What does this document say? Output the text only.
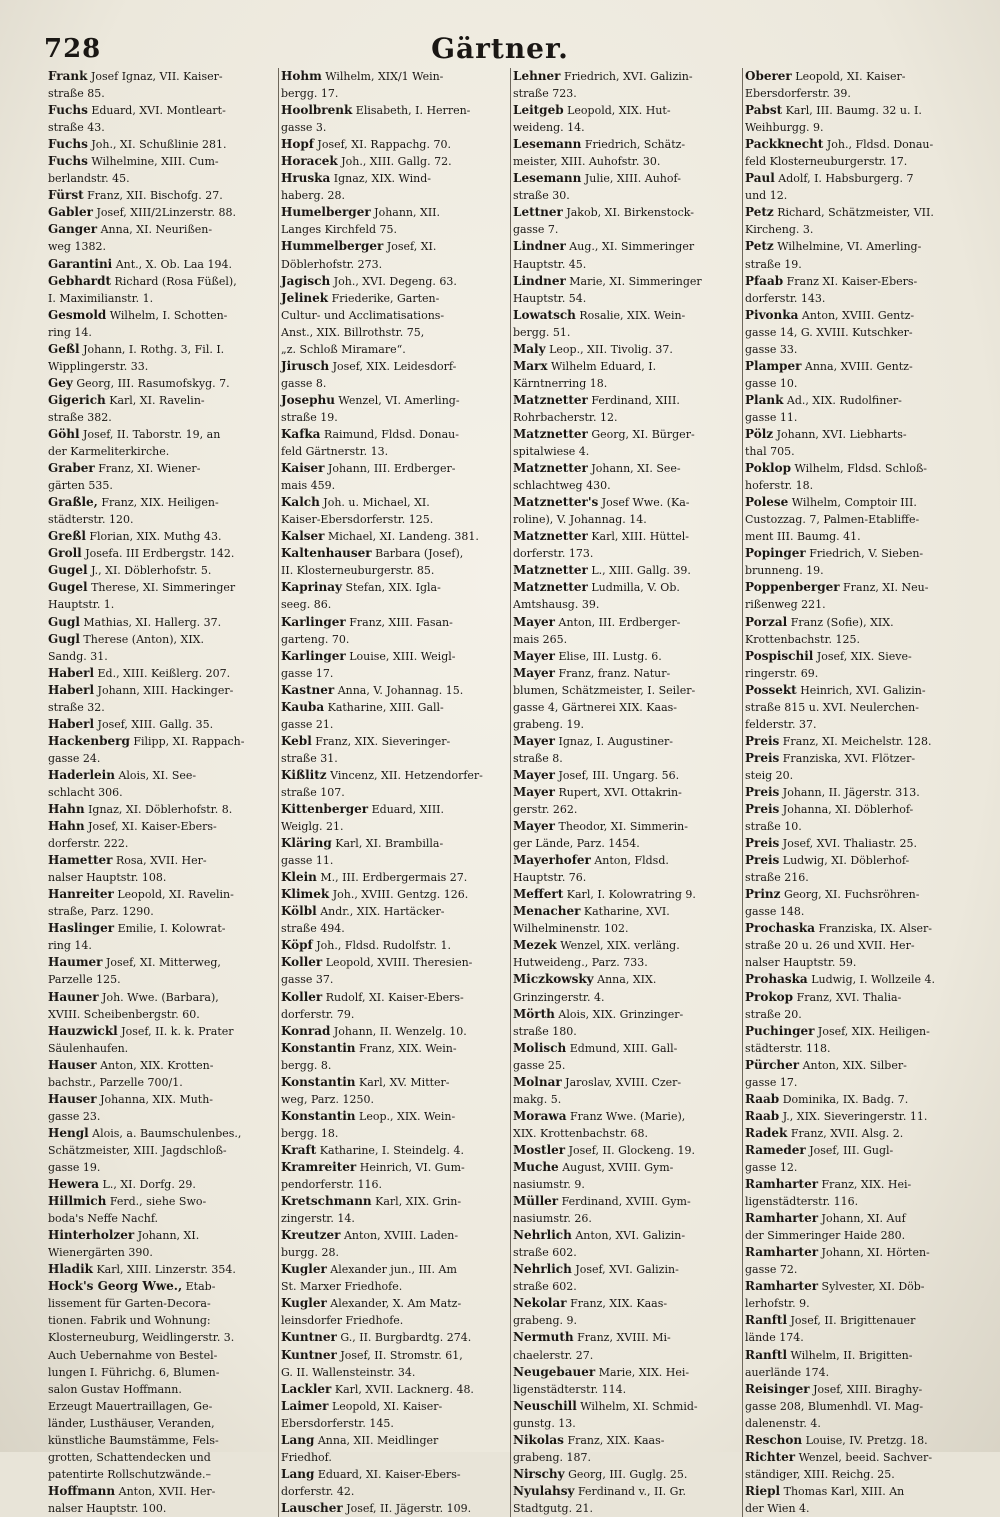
728	Gärtner.
Frank Josef Ignaz, VII. Kaiser-
straße 85.
Fuchs Eduard, XVI. Montleart-
straße 43.
Fuchs Joh., XI. Schußlinie 281.
Fuchs Wilhelmine, XIII. Cum-
berlandstr. 45.
Fürst Franz, XII. Bischofg. 27.
Gabler Josef, XIII/2Linzerstr. 88.
Ganger Anna, XI. Neurißen-
weg 1382.
Garantini Ant., X. Ob. Laa 194.
Gebhardt Richard (Rosa Füßel),
I. Maximilianstr. 1.
Gesmold Wilhelm, I. Schotten-
ring 14.
Geßl Johann, I. Rothg. 3, Fil. I.
Wipplingerstr. 33.
Gey Georg, III. Rasumofskyg. 7.
Gigerich Karl, XI. Ravelin-
straße 382.
Göhl Josef, II. Taborstr. 19, an
der Karmeliterkirche.
Graber Franz, XI. Wiener-
gärten 535.
Graßle, Franz, XIX. Heiligen-
städterstr. 120.
Greßl Florian, XIX. Muthg 43.
Groll Josefa. III Erdbergstr. 142.
Gugel J., XI. Döblerhofstr. 5.
Gugel Therese, XI. Simmeringer
Hauptstr. 1.
Gugl Mathias, XI. Hallerg. 37.
Gugl Therese (Anton), XIX.
Sandg. 31.
Haberl Ed., XIII. Keißlerg. 207.
Haberl Johann, XIII. Hackinger-
straße 32.
Haberl Josef, XIII. Gallg. 35.
Hackenberg Filipp, XI. Rappach-
gasse 24.
Haderlein Alois, XI. See-
schlacht 306.
Hahn Ignaz, XI. Döblerhofstr. 8.
Hahn Josef, XI. Kaiser-Ebers-
dorferstr. 222.
Hametter Rosa, XVII. Her-
nalser Hauptstr. 108.
Hanreiter Leopold, XI. Ravelin-
straße, Parz. 1290.
Haslinger Emilie, I. Kolowrat-
ring 14.
Haumer Josef, XI. Mitterweg,
Parzelle 125.
Hauner Joh. Wwe. (Barbara),
XVIII. Scheibenbergstr. 60.
Hauzwickl Josef, II. k. k. Prater
Säulenhaufen.
Hauser Anton, XIX. Krotten-
bachstr., Parzelle 700/1.
Hauser Johanna, XIX. Muth-
gasse 23.
Hengl Alois, a. Baumschulenbes.,
Schätzmeister, XIII. Jagdschloß-
gasse 19.
Hewera L., XI. Dorfg. 29.
Hillmich Ferd., siehe Swo-
boda's Neffe Nachf.
Hinterholzer Johann, XI.
Wienergärten 390.
Hladik Karl, XIII. Linzerstr. 354.
Hock's Georg Wwe., Etab-
lissement für Garten-Decora-
tionen. Fabrik und Wohnung:
Klosterneuburg, Weidlingerstr. 3.
Auch Uebernahme von Bestel-
lungen I. Führichg. 6, Blumen-
salon Gustav Hoffmann.
Erzeugt Mauertraillagen, Ge-
länder, Lusthäuser, Veranden,
künstliche Baumstämme, Fels-
grotten, Schattendecken und
patentirte Rollschutzwände.–
Hoffmann Anton, XVII. Her-
nalser Hauptstr. 100.
Hohm Wilhelm, XIX/1 Wein-
bergg. 17.
Hoolbrenk Elisabeth, I. Herren-
gasse 3.
Hopf Josef, XI. Rappachg. 70.
Horacek Joh., XIII. Gallg. 72.
Hruska Ignaz, XIX. Wind-
haberg. 28.
Humelberger Johann, XII.
Langes Kirchfeld 75.
Hummelberger Josef, XI.
Döblerhofstr. 273.
Jagisch Joh., XVI. Degeng. 63.
Jelinek Friederike, Garten-
Cultur- und Acclimatisations-
Anst., XIX. Billrothstr. 75,
„z. Schloß Miramare“.
Jirusch Josef, XIX. Leidesdorf-
gasse 8.
Josephu Wenzel, VI. Amerling-
straße 19.
Kafka Raimund, Fldsd. Donau-
feld Gärtnerstr. 13.
Kaiser Johann, III. Erdberger-
mais 459.
Kalch Joh. u. Michael, XI.
Kaiser-Ebersdorferstr. 125.
Kalser Michael, XI. Landeng. 381.
Kaltenhauser Barbara (Josef),
II. Klosterneuburgerstr. 85.
Kaprinay Stefan, XIX. Igla-
seeg. 86.
Karlinger Franz, XIII. Fasan-
garteng. 70.
Karlinger Louise, XIII. Weigl-
gasse 17.
Kastner Anna, V. Johannag. 15.
Kauba Katharine, XIII. Gall-
gasse 21.
Kebl Franz, XIX. Sieveringer-
straße 31.
Kißlitz Vincenz, XII. Hetzendorfer-
straße 107.
Kittenberger Eduard, XIII.
Weiglg. 21.
Kläring Karl, XI. Brambilla-
gasse 11.
Klein M., III. Erdbergermais 27.
Klimek Joh., XVIII. Gentzg. 126.
Kölbl Andr., XIX. Hartäcker-
straße 494.
Köpf Joh., Fldsd. Rudolfstr. 1.
Koller Leopold, XVIII. Theresien-
gasse 37.
Koller Rudolf, XI. Kaiser-Ebers-
dorferstr. 79.
Konrad Johann, II. Wenzelg. 10.
Konstantin Franz, XIX. Wein-
bergg. 8.
Konstantin Karl, XV. Mitter-
weg, Parz. 1250.
Konstantin Leop., XIX. Wein-
bergg. 18.
Kraft Katharine, I. Steindelg. 4.
Kramreiter Heinrich, VI. Gum-
pendorferstr. 116.
Kretschmann Karl, XIX. Grin-
zingerstr. 14.
Kreutzer Anton, XVIII. Laden-
burgg. 28.
Kugler Alexander jun., III. Am
St. Marxer Friedhofe.
Kugler Alexander, X. Am Matz-
leinsdorfer Friedhofe.
Kuntner G., II. Burgbardtg. 274.
Kuntner Josef, II. Stromstr. 61,
G. II. Wallensteinstr. 34.
Lackler Karl, XVII. Lacknerg. 48.
Laimer Leopold, XI. Kaiser-
Ebersdorferstr. 145.
Lang Anna, XII. Meidlinger
Friedhof.
Lang Eduard, XI. Kaiser-Ebers-
dorferstr. 42.
Lauscher Josef, II. Jägerstr. 109.
Lehner Friedrich, XVI. Galizin-
straße 723.
Leitgeb Leopold, XIX. Hut-
weideng. 14.
Lesemann Friedrich, Schätz-
meister, XIII. Auhofstr. 30.
Lesemann Julie, XIII. Auhof-
straße 30.
Lettner Jakob, XI. Birkenstock-
gasse 7.
Lindner Aug., XI. Simmeringer
Hauptstr. 45.
Lindner Marie, XI. Simmeringer
Hauptstr. 54.
Lowatsch Rosalie, XIX. Wein-
bergg. 51.
Maly Leop., XII. Tivolig. 37.
Marx Wilhelm Eduard, I.
Kärntnerring 18.
Matznetter Ferdinand, XIII.
Rohrbacherstr. 12.
Matznetter Georg, XI. Bürger-
spitalwiese 4.
Matznetter Johann, XI. See-
schlachtweg 430.
Matznetter's Josef Wwe. (Ka-
roline), V. Johannag. 14.
Matznetter Karl, XIII. Hüttel-
dorferstr. 173.
Matznetter L., XIII. Gallg. 39.
Matznetter Ludmilla, V. Ob.
Amtshausg. 39.
Mayer Anton, III. Erdberger-
mais 265.
Mayer Elise, III. Lustg. 6.
Mayer Franz, franz. Natur-
blumen, Schätzmeister, I. Seiler-
gasse 4, Gärtnerei XIX. Kaas-
grabeng. 19.
Mayer Ignaz, I. Augustiner-
straße 8.
Mayer Josef, III. Ungarg. 56.
Mayer Rupert, XVI. Ottakrin-
gerstr. 262.
Mayer Theodor, XI. Simmerin-
ger Lände, Parz. 1454.
Mayerhofer Anton, Fldsd.
Hauptstr. 76.
Meffert Karl, I. Kolowratring 9.
Menacher Katharine, XVI.
Wilhelminenstr. 102.
Mezek Wenzel, XIX. verläng.
Hutweideng., Parz. 733.
Miczkowsky Anna, XIX.
Grinzingerstr. 4.
Mörth Alois, XIX. Grinzinger-
straße 180.
Molisch Edmund, XIII. Gall-
gasse 25.
Molnar Jaroslav, XVIII. Czer-
makg. 5.
Morawa Franz Wwe. (Marie),
XIX. Krottenbachstr. 68.
Mostler Josef, II. Glockeng. 19.
Muche August, XVIII. Gym-
nasiumstr. 9.
Müller Ferdinand, XVIII. Gym-
nasiumstr. 26.
Nehrlich Anton, XVI. Galizin-
straße 602.
Nehrlich Josef, XVI. Galizin-
straße 602.
Nekolar Franz, XIX. Kaas-
grabeng. 9.
Nermuth Franz, XVIII. Mi-
chaelerstr. 27.
Neugebauer Marie, XIX. Hei-
ligenstädterstr. 114.
Neuschill Wilhelm, XI. Schmid-
gunstg. 13.
Nikolas Franz, XIX. Kaas-
grabeng. 187.
Nirschy Georg, III. Guglg. 25.
Nyulahsy Ferdinand v., II. Gr.
Stadtgutg. 21.
Oberer Leopold, XI. Kaiser-
Ebersdorferstr. 39.
Pabst Karl, III. Baumg. 32 u. I.
Weihburgg. 9.
Packknecht Joh., Fldsd. Donau-
feld Klosterneuburgerstr. 17.
Paul Adolf, I. Habsburgerg. 7
und 12.
Petz Richard, Schätzmeister, VII.
Kircheng. 3.
Petz Wilhelmine, VI. Amerling-
straße 19.
Pfaab Franz XI. Kaiser-Ebers-
dorferstr. 143.
Pivonka Anton, XVIII. Gentz-
gasse 14, G. XVIII. Kutschker-
gasse 33.
Plamper Anna, XVIII. Gentz-
gasse 10.
Plank Ad., XIX. Rudolfiner-
gasse 11.
Pölz Johann, XVI. Liebharts-
thal 705.
Poklop Wilhelm, Fldsd. Schloß-
hoferstr. 18.
Polese Wilhelm, Comptoir III.
Custozzag. 7, Palmen-Etabliffe-
ment III. Baumg. 41.
Popinger Friedrich, V. Sieben-
brunneng. 19.
Poppenberger Franz, XI. Neu-
rißenweg 221.
Porzal Franz (Sofie), XIX.
Krottenbachstr. 125.
Pospischil Josef, XIX. Sieve-
ringerstr. 69.
Possekt Heinrich, XVI. Galizin-
straße 815 u. XVI. Neulerchen-
felderstr. 37.
Preis Franz, XI. Meichelstr. 128.
Preis Franziska, XVI. Flötzer-
steig 20.
Preis Johann, II. Jägerstr. 313.
Preis Johanna, XI. Döblerhof-
straße 10.
Preis Josef, XVI. Thaliastr. 25.
Preis Ludwig, XI. Döblerhof-
straße 216.
Prinz Georg, XI. Fuchsröhren-
gasse 148.
Prochaska Franziska, IX. Alser-
straße 20 u. 26 und XVII. Her-
nalser Hauptstr. 59.
Prohaska Ludwig, I. Wollzeile 4.
Prokop Franz, XVI. Thalia-
straße 20.
Puchinger Josef, XIX. Heiligen-
städterstr. 118.
Pürcher Anton, XIX. Silber-
gasse 17.
Raab Dominika, IX. Badg. 7.
Raab J., XIX. Sieveringerstr. 11.
Radek Franz, XVII. Alsg. 2.
Rameder Josef, III. Gugl-
gasse 12.
Ramharter Franz, XIX. Hei-
ligenstädterstr. 116.
Ramharter Johann, XI. Auf
der Simmeringer Haide 280.
Ramharter Johann, XI. Hörten-
gasse 72.
Ramharter Sylvester, XI. Döb-
lerhofstr. 9.
Ranftl Josef, II. Brigittenauer
lände 174.
Ranftl Wilhelm, II. Brigitten-
auerlände 174.
Reisinger Josef, XIII. Biraghy-
gasse 208, Blumenhdl. VI. Mag-
dalenenstr. 4.
Reschon Louise, IV. Pretzg. 18.
Richter Wenzel, beeid. Sachver-
ständiger, XIII. Reichg. 25.
Riepl Thomas Karl, XIII. An
der Wien 4.
